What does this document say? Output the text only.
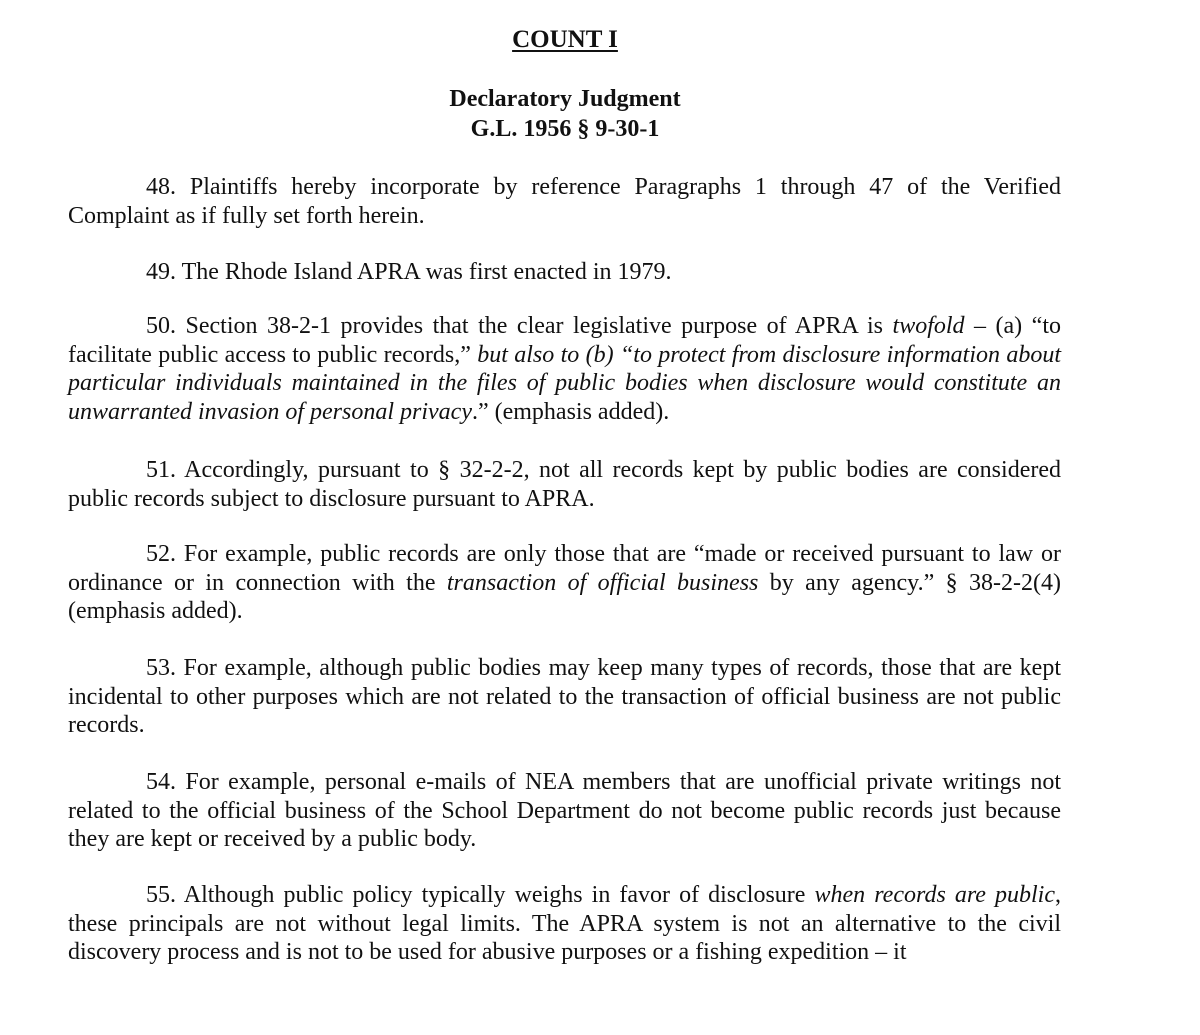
COUNT I
Declaratory Judgment
G.L. 1956 § 9-30-1

48. Plaintiffs hereby incorporate by reference Paragraphs 1 through 47 of the Verified Complaint as if fully set forth herein.

49. The Rhode Island APRA was first enacted in 1979.

50. Section 38-2-1 provides that the clear legislative purpose of APRA is twofold – (a) “to facilitate public access to public records,” but also to (b) “to protect from disclosure information about particular individuals maintained in the files of public bodies when disclosure would constitute an unwarranted invasion of personal privacy.” (emphasis added).

51. Accordingly, pursuant to § 32-2-2, not all records kept by public bodies are considered public records subject to disclosure pursuant to APRA.

52. For example, public records are only those that are “made or received pursuant to law or ordinance or in connection with the transaction of official business by any agency.” § 38-2-2(4) (emphasis added).

53. For example, although public bodies may keep many types of records, those that are kept incidental to other purposes which are not related to the transaction of official business are not public records.

54. For example, personal e-mails of NEA members that are unofficial private writings not related to the official business of the School Department do not become public records just because they are kept or received by a public body.

55. Although public policy typically weighs in favor of disclosure when records are public, these principals are not without legal limits. The APRA system is not an alternative to the civil discovery process and is not to be used for abusive purposes or a fishing expedition – it
